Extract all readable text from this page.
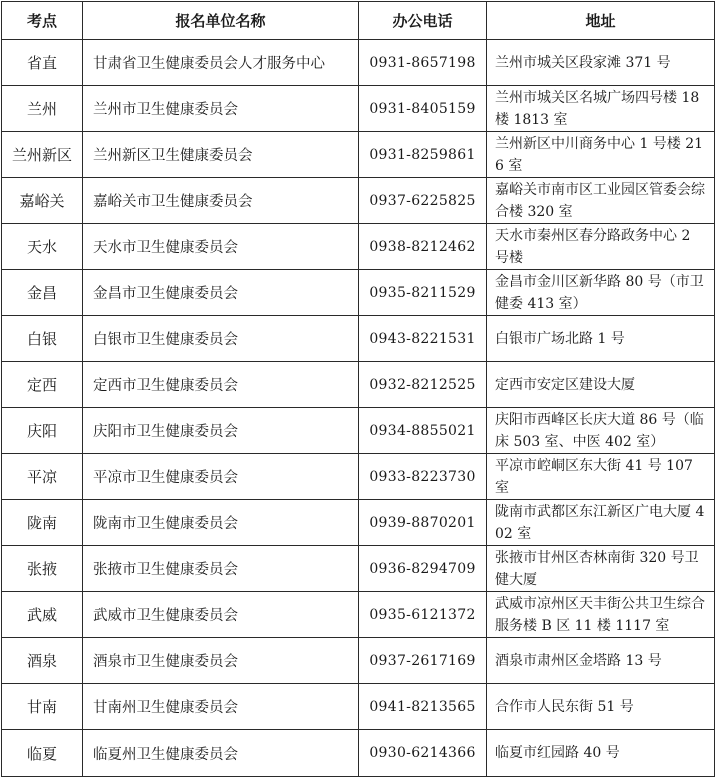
考点	报名单位名称	办公电话	地址
省直	甘肃省卫生健康委员会人才服务中心	0931-8657198	兰州市城关区段家滩 371 号
兰州	兰州市卫生健康委员会	0931-8405159	兰州市城关区名城广场四号楼 18 楼 1813 室
兰州新区	兰州新区卫生健康委员会	0931-8259861	兰州新区中川商务中心 1 号楼 216 室
嘉峪关	嘉峪关市卫生健康委员会	0937-6225825	嘉峪关市南市区工业园区管委会综合楼 320 室
天水	天水市卫生健康委员会	0938-8212462	天水市秦州区春分路政务中心 2 号楼
金昌	金昌市卫生健康委员会	0935-8211529	金昌市金川区新华路 80 号（市卫健委 413 室）
白银	白银市卫生健康委员会	0943-8221531	白银市广场北路 1 号
定西	定西市卫生健康委员会	0932-8212525	定西市安定区建设大厦
庆阳	庆阳市卫生健康委员会	0934-8855021	庆阳市西峰区长庆大道 86 号（临床 503 室、中医 402 室）
平凉	平凉市卫生健康委员会	0933-8223730	平凉市崆峒区东大街 41 号 107 室
陇南	陇南市卫生健康委员会	0939-8870201	陇南市武都区东江新区广电大厦 402 室
张掖	张掖市卫生健康委员会	0936-8294709	张掖市甘州区杏林南街 320 号卫健大厦
武威	武威市卫生健康委员会	0935-6121372	武威市凉州区天丰街公共卫生综合服务楼 B 区 11 楼 1117 室
酒泉	酒泉市卫生健康委员会	0937-2617169	酒泉市肃州区金塔路 13 号
甘南	甘南州卫生健康委员会	0941-8213565	合作市人民东街 51 号
临夏	临夏州卫生健康委员会	0930-6214366	临夏市红园路 40 号
